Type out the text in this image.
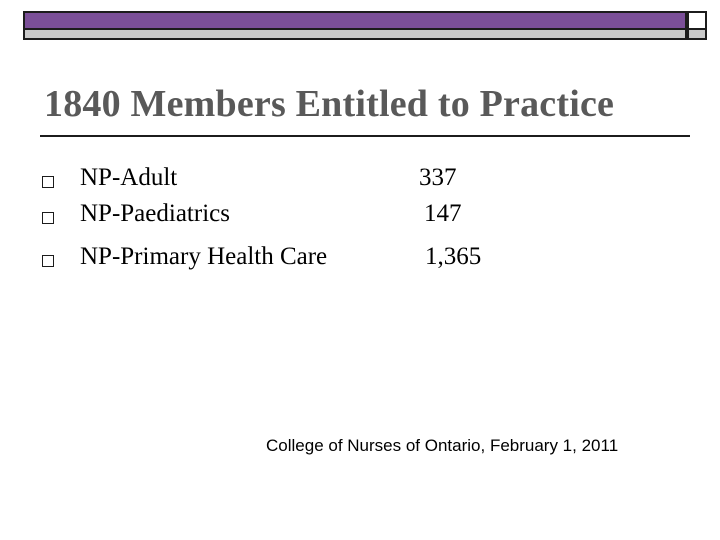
1840 Members Entitled to Practice
NP-Adult	337
NP-Paediatrics	147
NP-Primary Health Care	1,365
College of Nurses of Ontario, February 1, 2011
